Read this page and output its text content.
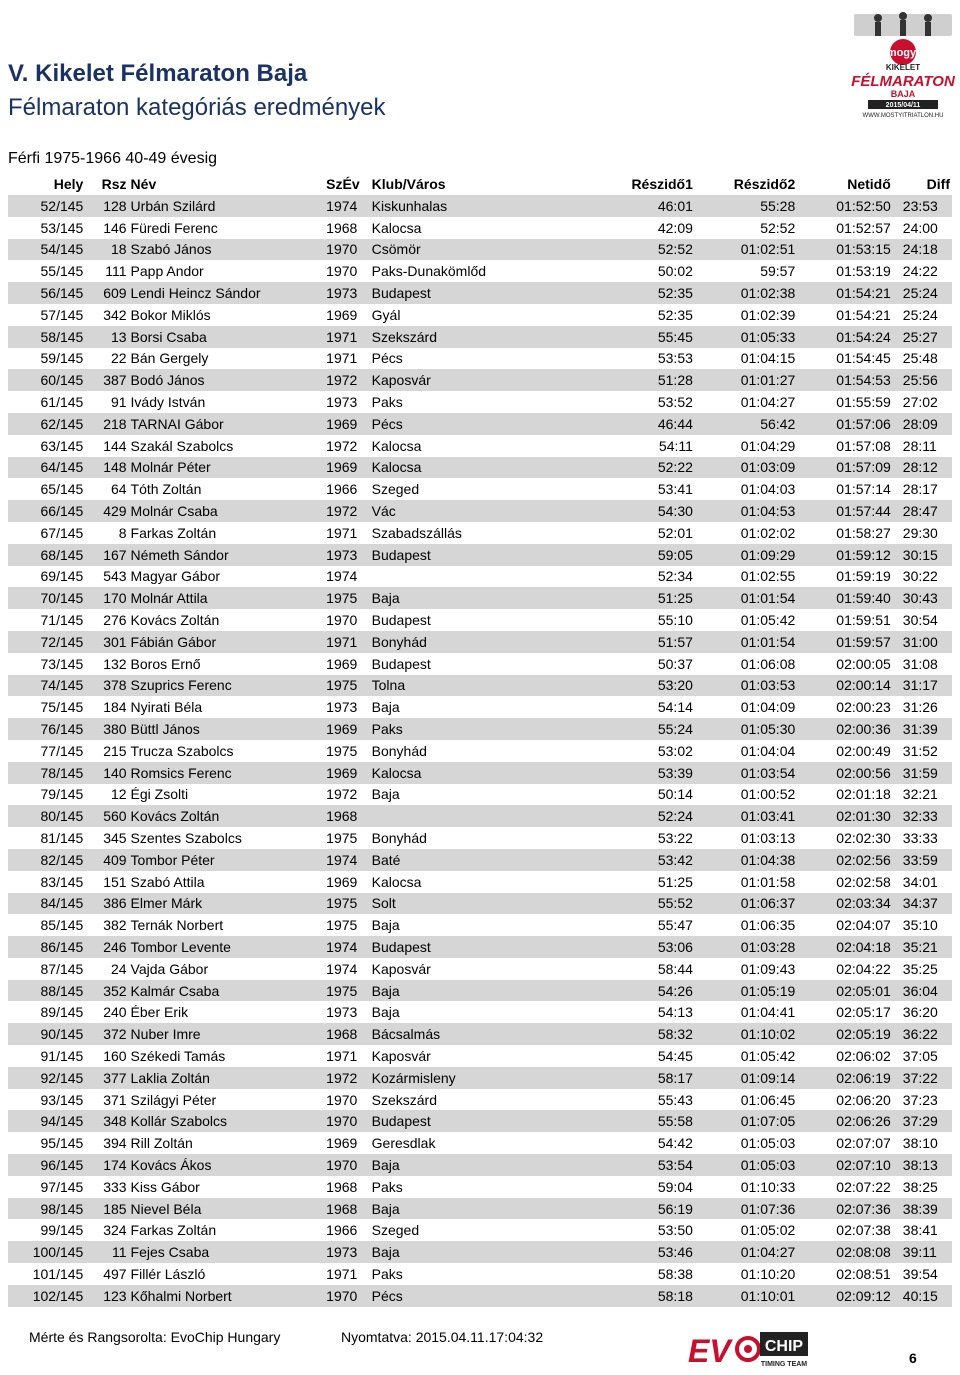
V. Kikelet Félmaraton Baja
Félmaraton kategóriás eredmények
Férfi 1975-1966 40-49 évesig
mogyi
KIKELET
FÉLMARATON
BAJA
2015/04/11
WWW.MOSTYITRIATLON.HU
Hely	Rsz	Név	SzÉv	Klub/Város	Részidő1	Részidő2	Netidő	Diff
52/145	128	Urbán Szilárd	1974	Kiskunhalas	46:01	55:28	01:52:50	23:53
53/145	146	Füredi Ferenc	1968	Kalocsa	42:09	52:52	01:52:57	24:00
54/145	18	Szabó János	1970	Csömör	52:52	01:02:51	01:53:15	24:18
55/145	111	Papp Andor	1970	Paks-Dunakömlőd	50:02	59:57	01:53:19	24:22
56/145	609	Lendi Heincz Sándor	1973	Budapest	52:35	01:02:38	01:54:21	25:24
57/145	342	Bokor Miklós	1969	Gyál	52:35	01:02:39	01:54:21	25:24
58/145	13	Borsi Csaba	1971	Szekszárd	55:45	01:05:33	01:54:24	25:27
59/145	22	Bán Gergely	1971	Pécs	53:53	01:04:15	01:54:45	25:48
60/145	387	Bodó János	1972	Kaposvár	51:28	01:01:27	01:54:53	25:56
61/145	91	Ivády István	1973	Paks	53:52	01:04:27	01:55:59	27:02
62/145	218	TARNAI Gábor	1969	Pécs	46:44	56:42	01:57:06	28:09
63/145	144	Szakál Szabolcs	1972	Kalocsa	54:11	01:04:29	01:57:08	28:11
64/145	148	Molnár Péter	1969	Kalocsa	52:22	01:03:09	01:57:09	28:12
65/145	64	Tóth Zoltán	1966	Szeged	53:41	01:04:03	01:57:14	28:17
66/145	429	Molnár Csaba	1972	Vác	54:30	01:04:53	01:57:44	28:47
67/145	8	Farkas Zoltán	1971	Szabadszállás	52:01	01:02:02	01:58:27	29:30
68/145	167	Németh Sándor	1973	Budapest	59:05	01:09:29	01:59:12	30:15
69/145	543	Magyar Gábor	1974		52:34	01:02:55	01:59:19	30:22
70/145	170	Molnár Attila	1975	Baja	51:25	01:01:54	01:59:40	30:43
71/145	276	Kovács Zoltán	1970	Budapest	55:10	01:05:42	01:59:51	30:54
72/145	301	Fábián Gábor	1971	Bonyhád	51:57	01:01:54	01:59:57	31:00
73/145	132	Boros Ernő	1969	Budapest	50:37	01:06:08	02:00:05	31:08
74/145	378	Szuprics Ferenc	1975	Tolna	53:20	01:03:53	02:00:14	31:17
75/145	184	Nyirati Béla	1973	Baja	54:14	01:04:09	02:00:23	31:26
76/145	380	Büttl János	1969	Paks	55:24	01:05:30	02:00:36	31:39
77/145	215	Trucza Szabolcs	1975	Bonyhád	53:02	01:04:04	02:00:49	31:52
78/145	140	Romsics Ferenc	1969	Kalocsa	53:39	01:03:54	02:00:56	31:59
79/145	12	Égi Zsolti	1972	Baja	50:14	01:00:52	02:01:18	32:21
80/145	560	Kovács Zoltán	1968		52:24	01:03:41	02:01:30	32:33
81/145	345	Szentes Szabolcs	1975	Bonyhád	53:22	01:03:13	02:02:30	33:33
82/145	409	Tombor Péter	1974	Baté	53:42	01:04:38	02:02:56	33:59
83/145	151	Szabó Attila	1969	Kalocsa	51:25	01:01:58	02:02:58	34:01
84/145	386	Elmer Márk	1975	Solt	55:52	01:06:37	02:03:34	34:37
85/145	382	Ternák Norbert	1975	Baja	55:47	01:06:35	02:04:07	35:10
86/145	246	Tombor Levente	1974	Budapest	53:06	01:03:28	02:04:18	35:21
87/145	24	Vajda Gábor	1974	Kaposvár	58:44	01:09:43	02:04:22	35:25
88/145	352	Kalmár Csaba	1975	Baja	54:26	01:05:19	02:05:01	36:04
89/145	240	Éber Erik	1973	Baja	54:13	01:04:41	02:05:17	36:20
90/145	372	Nuber Imre	1968	Bácsalmás	58:32	01:10:02	02:05:19	36:22
91/145	160	Székedi Tamás	1971	Kaposvár	54:45	01:05:42	02:06:02	37:05
92/145	377	Laklia Zoltán	1972	Kozármisleny	58:17	01:09:14	02:06:19	37:22
93/145	371	Szilágyi Péter	1970	Szekszárd	55:43	01:06:45	02:06:20	37:23
94/145	348	Kollár Szabolcs	1970	Budapest	55:58	01:07:05	02:06:26	37:29
95/145	394	Rill Zoltán	1969	Geresdlak	54:42	01:05:03	02:07:07	38:10
96/145	174	Kovács Ákos	1970	Baja	53:54	01:05:03	02:07:10	38:13
97/145	333	Kiss Gábor	1968	Paks	59:04	01:10:33	02:07:22	38:25
98/145	185	Nievel Béla	1968	Baja	56:19	01:07:36	02:07:36	38:39
99/145	324	Farkas Zoltán	1966	Szeged	53:50	01:05:02	02:07:38	38:41
100/145	11	Fejes Csaba	1973	Baja	53:46	01:04:27	02:08:08	39:11
101/145	497	Fillér László	1971	Paks	58:38	01:10:20	02:08:51	39:54
102/145	123	Kőhalmi Norbert	1970	Pécs	58:18	01:10:01	02:09:12	40:15
Mérte és Rangsorolta: EvoChip Hungary	Nyomtatva: 2015.04.11.17:04:32	EV CHIP
TIMING TEAM	6
